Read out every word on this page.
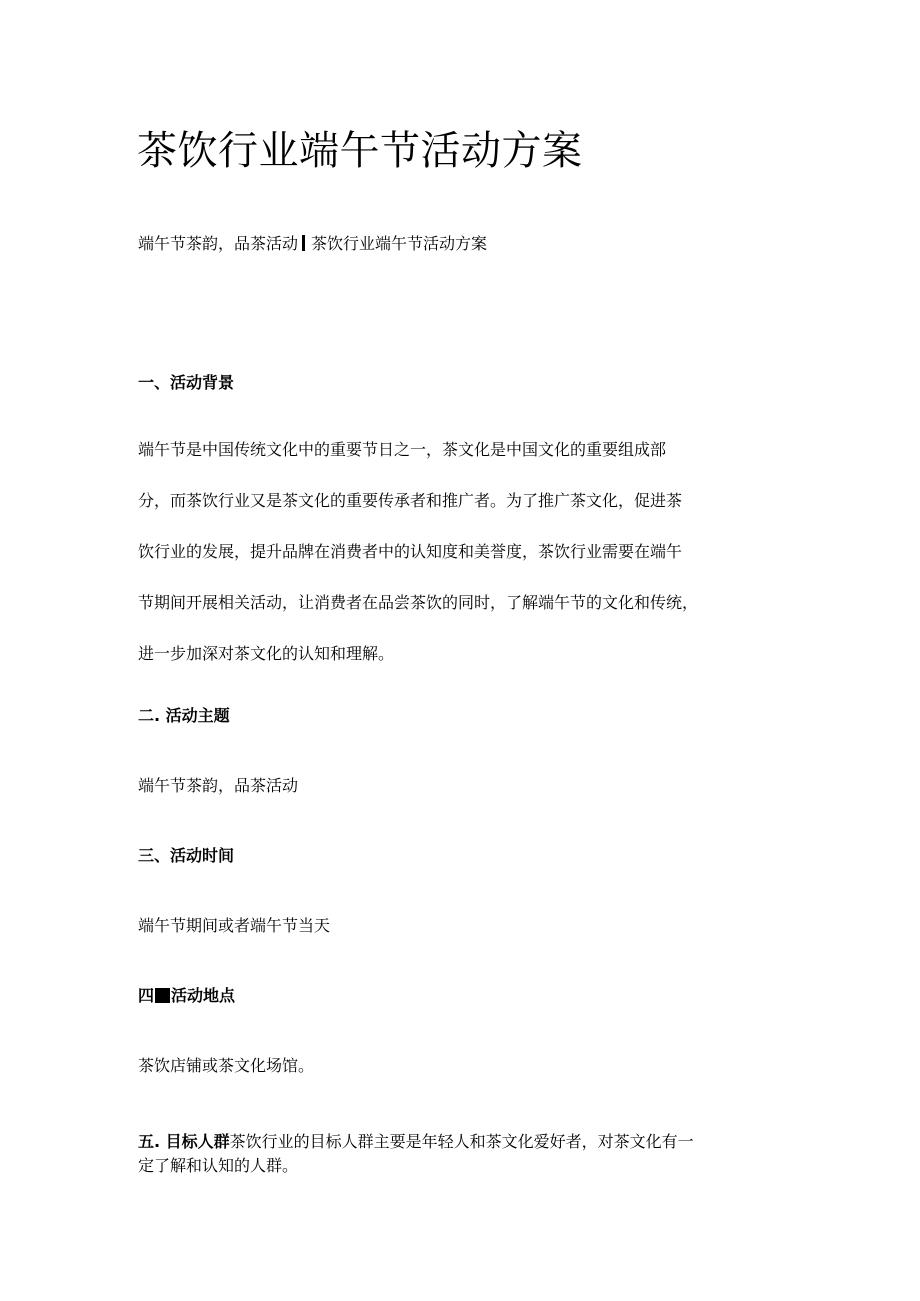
茶饮行业端午节活动方案
端午节茶韵，品茶活动 茶饮行业端午节活动方案
一、活动背景
端午节是中国传统文化中的重要节日之一，茶文化是中国文化的重要组成部
分，而茶饮行业又是茶文化的重要传承者和推广者。为了推广茶文化，促进茶
饮行业的发展，提升品牌在消费者中的认知度和美誉度，茶饮行业需要在端午
节期间开展相关活动，让消费者在品尝茶饮的同时，了解端午节的文化和传统，
进一步加深对茶文化的认知和理解。
二. 活动主题
端午节茶韵，品茶活动
三、活动时间
端午节期间或者端午节当天
四 活动地点
茶饮店铺或茶文化场馆。
五. 目标人群茶饮行业的目标人群主要是年轻人和茶文化爱好者，对茶文化有一
定了解和认知的人群。
